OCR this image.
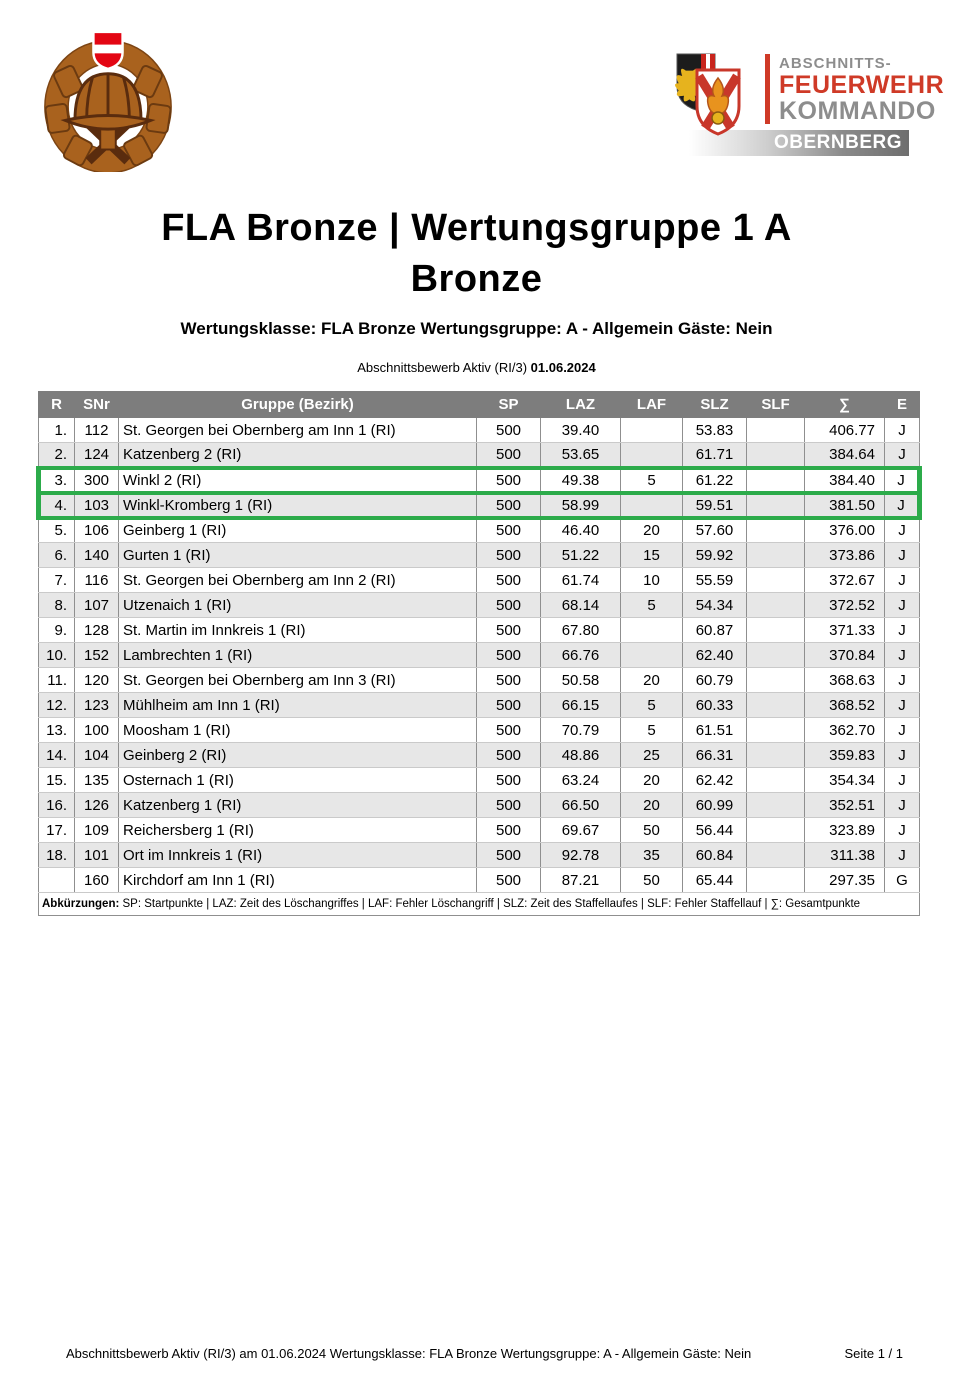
OBERNBERG
ABSCHNITTS-
FEUERWEHR
KOMMANDO
FLA Bronze | Wertungsgruppe 1 A
Bronze
Wertungsklasse: FLA Bronze Wertungsgruppe: A - Allgemein Gäste: Nein
Abschnittsbewerb Aktiv (RI/3) 01.06.2024
R	SNr	Gruppe (Bezirk)	SP	LAZ	LAF	SLZ	SLF	∑	E
1.	112	St. Georgen bei Obernberg am Inn 1 (RI)	500	39.40		53.83		406.77	J
2.	124	Katzenberg 2 (RI)	500	53.65		61.71		384.64	J
3.	300	Winkl 2 (RI)	500	49.38	5	61.22		384.40	J
4.	103	Winkl-Kromberg 1 (RI)	500	58.99		59.51		381.50	J
5.	106	Geinberg 1 (RI)	500	46.40	20	57.60		376.00	J
6.	140	Gurten 1 (RI)	500	51.22	15	59.92		373.86	J
7.	116	St. Georgen bei Obernberg am Inn 2 (RI)	500	61.74	10	55.59		372.67	J
8.	107	Utzenaich 1 (RI)	500	68.14	5	54.34		372.52	J
9.	128	St. Martin im Innkreis 1 (RI)	500	67.80		60.87		371.33	J
10.	152	Lambrechten 1 (RI)	500	66.76		62.40		370.84	J
11.	120	St. Georgen bei Obernberg am Inn 3 (RI)	500	50.58	20	60.79		368.63	J
12.	123	Mühlheim am Inn 1 (RI)	500	66.15	5	60.33		368.52	J
13.	100	Moosham 1 (RI)	500	70.79	5	61.51		362.70	J
14.	104	Geinberg 2 (RI)	500	48.86	25	66.31		359.83	J
15.	135	Osternach 1 (RI)	500	63.24	20	62.42		354.34	J
16.	126	Katzenberg 1 (RI)	500	66.50	20	60.99		352.51	J
17.	109	Reichersberg 1 (RI)	500	69.67	50	56.44		323.89	J
18.	101	Ort im Innkreis 1 (RI)	500	92.78	35	60.84		311.38	J
	160	Kirchdorf am Inn 1 (RI)	500	87.21	50	65.44		297.35	G
Abkürzungen: SP: Startpunkte | LAZ: Zeit des Löschangriffes | LAF: Fehler Löschangriff | SLZ: Zeit des Staffellaufes | SLF: Fehler Staffellauf | ∑: Gesamtpunkte									
Abschnittsbewerb Aktiv (RI/3) am 01.06.2024 Wertungsklasse: FLA Bronze Wertungsgruppe: A - Allgemein Gäste: Nein	Seite 1 / 1
